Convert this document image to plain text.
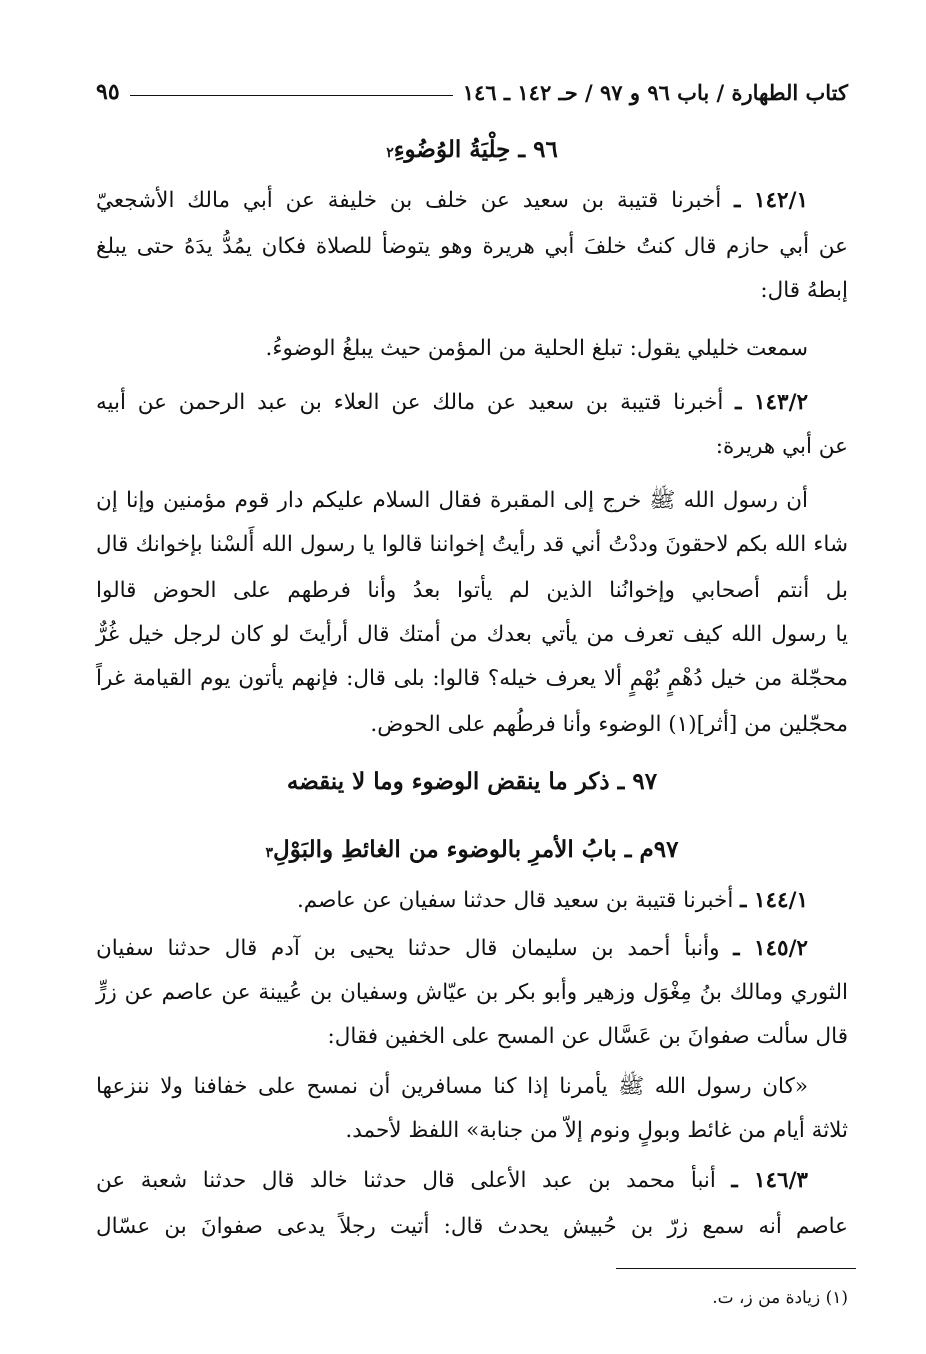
كتاب الطهارة / باب ٩٦ و ٩٧ / حـ ١٤٢ ـ ١٤٦
٩٥
٩٦ ـ حِلْيَةُ الوُضُوءِ٢
١٤٢/١ ـ أخبرنا قتيبة بن سعيد عن خلف بن خليفة عن أبي مالك الأشجعيّ
عن أبي حازم قال كنتُ خلفَ أبي هريرة وهو يتوضأ للصلاة فكان يمُدُّ يدَهُ حتى يبلغ
إبطهُ قال:
سمعت خليلي يقول: تبلغ الحلية من المؤمن حيث يبلغُ الوضوءُ.
١٤٣/٢ ـ أخبرنا قتيبة بن سعيد عن مالك عن العلاء بن عبد الرحمن عن أبيه
عن أبي هريرة:
أن رسول الله ﷺ خرج إلى المقبرة فقال السلام عليكم دار قوم مؤمنين وإنا إن
شاء الله بكم لاحقونَ وددْتُ أني قد رأيتُ إخواننا قالوا يا رسول الله أَلسْنا بإخوانك قال
بل أنتم أصحابي وإخوانُنا الذين لم يأتوا بعدُ وأنا فرطهم على الحوض قالوا
يا رسول الله كيف تعرف من يأتي بعدك من أمتك قال أرأيتَ لو كان لرجل خيل غُرٌّ
محجّلة من خيل دُهْمٍ بُهْمٍ ألا يعرف خيله؟ قالوا: بلى قال: فإنهم يأتون يوم القيامة غراً
محجّلين من [أثر](١) الوضوء وأنا فرطُهم على الحوض.
٩٧ ـ ذكر ما ينقض الوضوء وما لا ينقضه
٩٧م ـ بابُ الأمرِ بالوضوء من الغائطِ والبَوْلِ٣
١٤٤/١ ـ أخبرنا قتيبة بن سعيد قال حدثنا سفيان عن عاصم.
١٤٥/٢ ـ وأنبأ أحمد بن سليمان قال حدثنا يحيى بن آدم قال حدثنا سفيان
الثوري ومالك بنُ مِغْوَل وزهير وأبو بكر بن عيّاش وسفيان بن عُيينة عن عاصم عن زرٍّ
قال سألت صفوانَ بن عَسَّال عن المسح على الخفين فقال:
«كان رسول الله ﷺ يأمرنا إذا كنا مسافرين أن نمسح على خفافنا ولا ننزعها
ثلاثة أيام من غائط وبولٍ ونوم إلاّ من جنابة» اللفظ لأحمد.
١٤٦/٣ ـ أنبأ محمد بن عبد الأعلى قال حدثنا خالد قال حدثنا شعبة عن
عاصم أنه سمع زرّ بن حُبيش يحدث قال: أتيت رجلاً يدعى صفوانَ بن عسّال
(١) زيادة من ز، ت.
